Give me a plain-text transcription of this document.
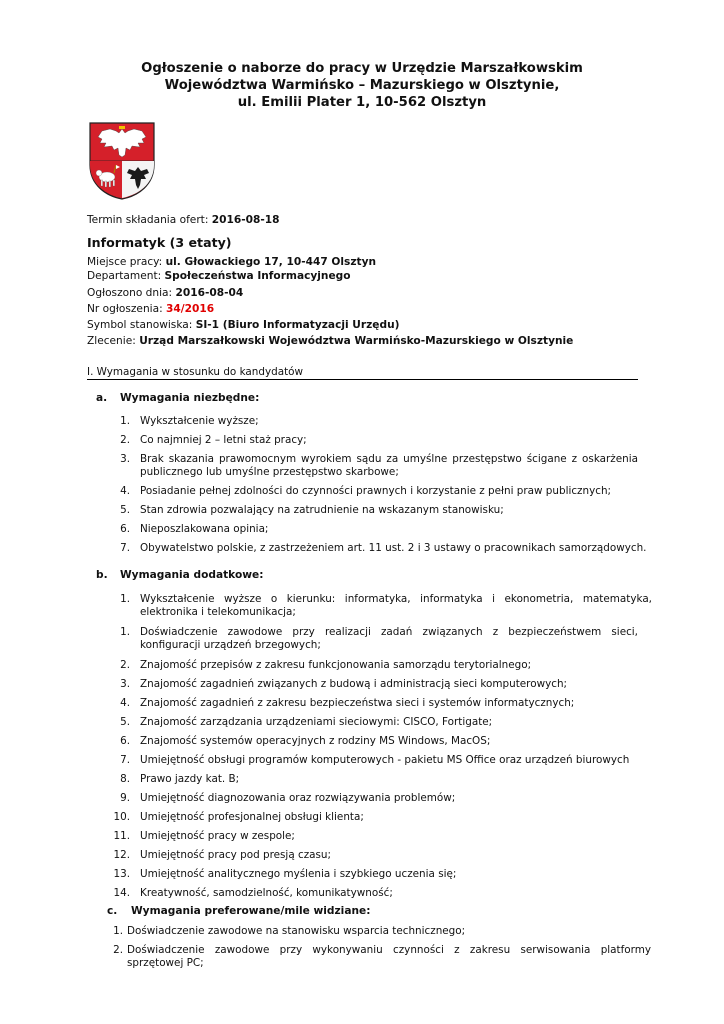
Ogłoszenie o naborze do pracy w Urzędzie Marszałkowskim
Województwa Warmińsko – Mazurskiego w Olsztynie,
ul. Emilii Plater 1, 10-562 Olsztyn
Termin składania ofert: 2016-08-18
Informatyk (3 etaty)
Miejsce pracy: ul. Głowackiego 17, 10-447 Olsztyn
Departament: Społeczeństwa Informacyjnego
Ogłoszono dnia: 2016-08-04
Nr ogłoszenia: 34/2016
Symbol stanowiska: SI-1 (Biuro Informatyzacji Urzędu)
Zlecenie: Urząd Marszałkowski Województwa Warmińsko-Mazurskiego w Olsztynie
I. Wymagania w stosunku do kandydatów
a. Wymagania niezbędne:
1. Wykształcenie wyższe;
2. Co najmniej 2 – letni staż pracy;
3. Brak skazania prawomocnym wyrokiem sądu za umyślne przestępstwo ścigane z oskarżenia publicznego lub umyślne przestępstwo skarbowe;
4. Posiadanie pełnej zdolności do czynności prawnych i korzystanie z pełni praw publicznych;
5. Stan zdrowia pozwalający na zatrudnienie na wskazanym stanowisku;
6. Nieposzlakowana opinia;
7. Obywatelstwo polskie, z zastrzeżeniem art. 11 ust. 2 i 3 ustawy o pracownikach samorządowych.
b. Wymagania dodatkowe:
1. Wykształcenie wyższe o kierunku: informatyka, informatyka i ekonometria, matematyka, elektronika i telekomunikacja;
1. Doświadczenie zawodowe przy realizacji zadań związanych z bezpieczeństwem sieci, konfiguracji urządzeń brzegowych;
2. Znajomość przepisów z zakresu funkcjonowania samorządu terytorialnego;
3. Znajomość zagadnień związanych z budową i administracją sieci komputerowych;
4. Znajomość zagadnień z zakresu bezpieczeństwa sieci i systemów informatycznych;
5. Znajomość zarządzania urządzeniami sieciowymi: CISCO, Fortigate;
6. Znajomość systemów operacyjnych z rodziny MS Windows, MacOS;
7. Umiejętność obsługi programów komputerowych - pakietu MS Office oraz urządzeń biurowych
8. Prawo jazdy kat. B;
9. Umiejętność diagnozowania oraz rozwiązywania problemów;
10. Umiejętność profesjonalnej obsługi klienta;
11. Umiejętność pracy w zespole;
12. Umiejętność pracy pod presją czasu;
13. Umiejętność analitycznego myślenia i szybkiego uczenia się;
14. Kreatywność, samodzielność, komunikatywność;
c. Wymagania preferowane/mile widziane:
1. Doświadczenie zawodowe na stanowisku wsparcia technicznego;
2. Doświadczenie zawodowe przy wykonywaniu czynności z zakresu serwisowania platformy sprzętowej PC;
